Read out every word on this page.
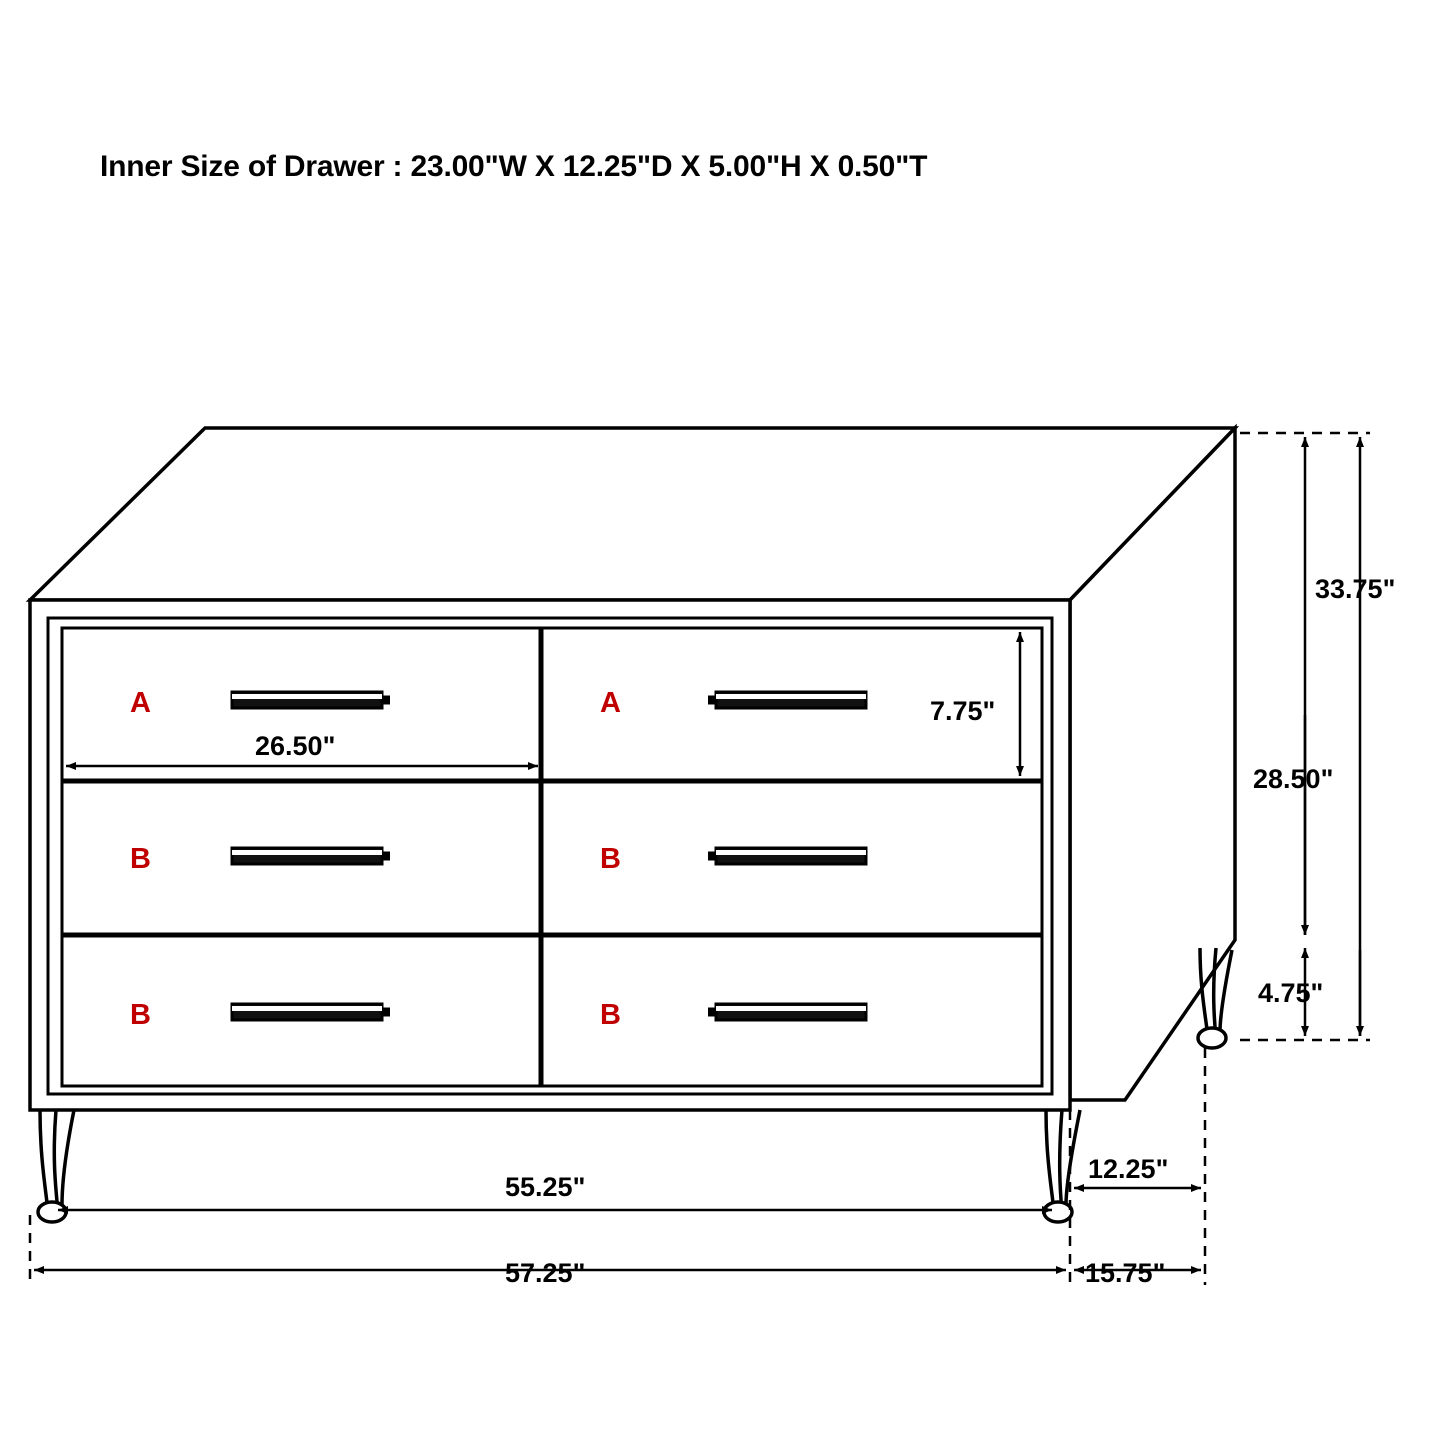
Inner Size of Drawer : 23.00"W X 12.25"D X 5.00"H X 0.50"T
A	A
B	B
B	B
33.75"
28.50"
4.75"
7.75"
26.50"
55.25"
57.25"
12.25"
15.75"
